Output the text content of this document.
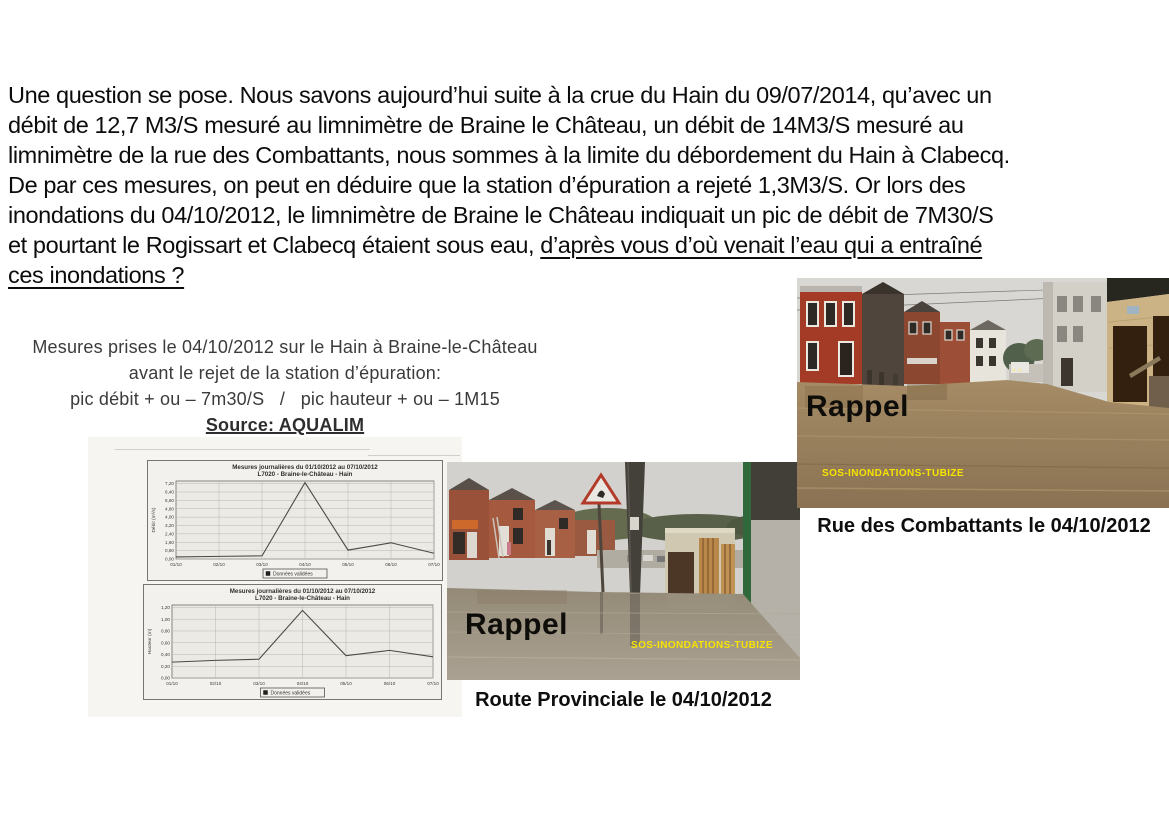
Une question se pose. Nous savons aujourd’hui suite à la crue du Hain du 09/07/2014, qu’avec un
débit de 12,7 M3/S mesuré au limnimètre de Braine le Château, un débit de 14M3/S mesuré au
limnimètre de la rue des Combattants, nous sommes à la limite du débordement du Hain à Clabecq.
De par ces mesures, on peut en déduire que la station d’épuration a rejeté 1,3M3/S. Or lors des
inondations du 04/10/2012, le limnimètre de Braine le Château indiquait un pic de débit de 7M30/S
et pourtant le Rogissart et Clabecq étaient sous eau, d’après vous d’où venait l’eau qui a entraîné
ces inondations ?
Mesures prises le 04/10/2012 sur le Hain à Braine-le-Château
avant le rejet de la station d’épuration:
pic débit + ou – 7m30/S   /   pic hauteur + ou – 1M15
Source: AQUALIM
Mesures journalières du 01/10/2012 au 07/10/2012
L7020 - Braine-le-Château - Hain
0,00
0,80
1,60
2,40
3,20
4,00
4,80
5,60
6,40
7,20
01/10	02/10	03/10	04/10	05/10	06/10	07/10
Données validées
Débit (m³/s)
Mesures journalières du 01/10/2012 au 07/10/2012
L7020 - Braine-le-Château - Hain
0,00
0,20
0,40
0,60
0,80
1,00
1,20
01/10	02/10	03/10	04/10	05/10	06/10	07/10
Données validées
Hauteur (m)
Rappel
SOS-INONDATIONS-TUBIZE
Route Provinciale le 04/10/2012
Rappel
SOS-INONDATIONS-TUBIZE
Rue des Combattants le 04/10/2012
